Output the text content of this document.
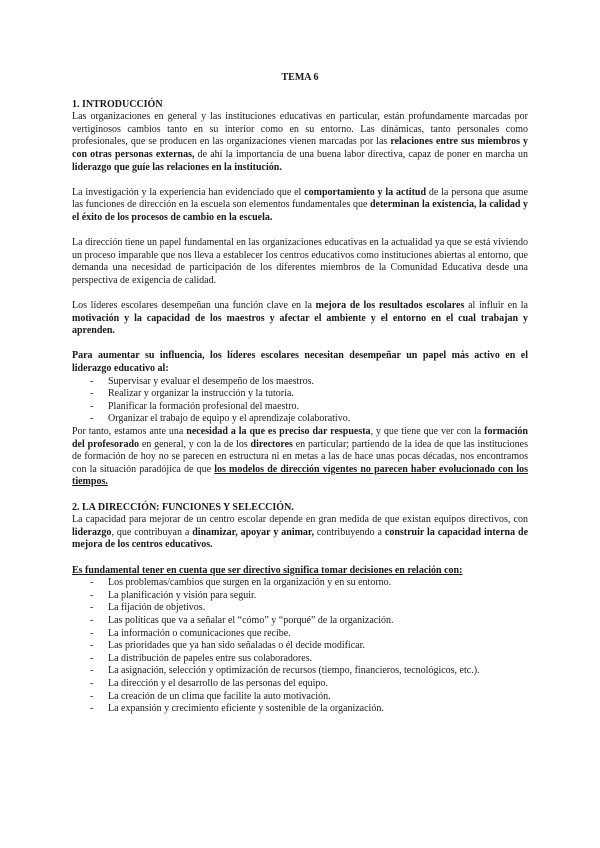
TEMA 6
1. INTRODUCCIÓN

Las organizaciones en general y las instituciones educativas en particular, están profundamente marcadas por vertiginosos cambios tanto en su interior como en su entorno. Las dinámicas, tanto personales como profesionales, que se producen en las organizaciones vienen marcadas por las relaciones entre sus miembros y con otras personas externas, de ahí la importancia de una buena labor directiva, capaz de poner en marcha un liderazgo que guíe las relaciones en la institución.

La investigación y la experiencia han evidenciado que el comportamiento y la actitud de la persona que asume las funciones de dirección en la escuela son elementos fundamentales que determinan la existencia, la calidad y el éxito de los procesos de cambio en la escuela.

La dirección tiene un papel fundamental en las organizaciones educativas en la actualidad ya que se está viviendo un proceso imparable que nos lleva a establecer los centros educativos como instituciones abiertas al entorno, que demanda una necesidad de participación de los diferentes miembros de la Comunidad Educativa desde una perspectiva de exigencia de calidad.

Los líderes escolares desempeñan una función clave en la mejora de los resultados escolares al influir en la motivación y la capacidad de los maestros y afectar el ambiente y el entorno en el cual trabajan y aprenden.

Para aumentar su influencia, los líderes escolares necesitan desempeñar un papel más activo en el liderazgo educativo al:

- Supervisar y evaluar el desempeño de los maestros.
- Realizar y organizar la instrucción y la tutoría.
- Planificar la formación profesional del maestro.
- Organizar el trabajo de equipo y el aprendizaje colaborativo.

Por tanto, estamos ante una necesidad a la que es preciso dar respuesta, y que tiene que ver con la formación del profesorado en general, y con la de los directores en particular; partiendo de la idea de que las instituciones de formación de hoy no se parecen en estructura ni en metas a las de hace unas pocas décadas, nos encontramos con la situación paradójica de que los modelos de dirección vigentes no parecen haber evolucionado con los tiempos.

2. LA DIRECCIÓN: FUNCIONES Y SELECCIÓN.

La capacidad para mejorar de un centro escolar depende en gran medida de que existan equipos directivos, con liderazgo, que contribuyan a dinamizar, apoyar y animar, contribuyendo a construir la capacidad interna de mejora de los centros educativos.

Es fundamental tener en cuenta que ser directivo significa tomar decisiones en relación con:

- Los problemas/cambios que surgen en la organización y en su entorno.
- La planificación y visión para seguir.
- La fijación de objetivos.
- Las políticas que va a señalar el “cómo” y “porqué” de la organización.
- La información o comunicaciones que recibe.
- Las prioridades que ya han sido señaladas o él decide modificar.
- La distribución de papeles entre sus colaboradores.
- La asignación, selección y optimización de recursos (tiempo, financieros, tecnológicos, etc.).
- La dirección y el desarrollo de las personas del equipo.
- La creación de un clima que facilite la auto motivación.
- La expansión y crecimiento eficiente y sostenible de la organización.
